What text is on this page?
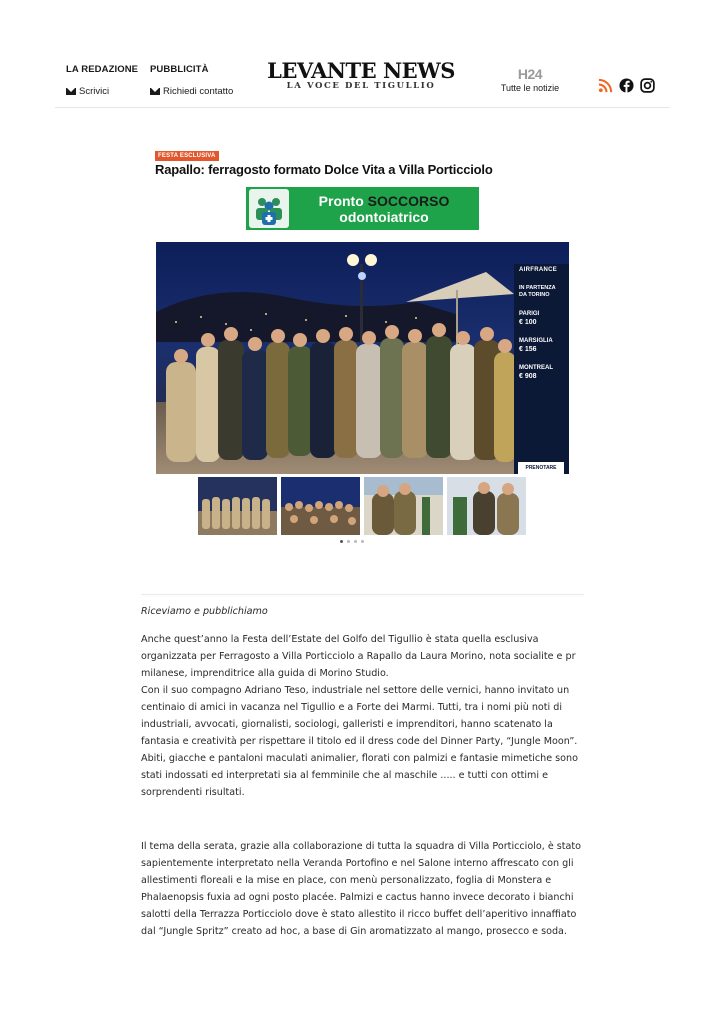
LA REDAZIONE
Scrivici
PUBBLICITÀ
Richiedi contatto
LEVANTE NEWS
LA VOCE DEL TIGULLIO
H24
Tutte le notizie
FESTA ESCLUSIVA
Rapallo: ferragosto formato Dolce Vita a Villa Porticciolo
Pronto SOCCORSO
odontoiatrico
AIRFRANCE
IN PARTENZA DA TORINO
PARIGI
€ 100
MARSIGLIA
€ 156
MONTREAL
€ 908
PRENOTARE
Riceviamo e pubblichiamo
Anche quest’anno la Festa dell’Estate del Golfo del Tigullio è stata quella esclusiva organizzata per Ferragosto a Villa Porticciolo a Rapallo da Laura Morino, nota socialite e pr milanese, imprenditrice alla guida di Morino Studio.
Con il suo compagno Adriano Teso, industriale nel settore delle vernici, hanno invitato un centinaio di amici in vacanza nel Tigullio e a Forte dei Marmi. Tutti, tra i nomi più noti di industriali, avvocati, giornalisti, sociologi, galleristi e imprenditori, hanno scatenato la fantasia e creatività per rispettare il titolo ed il dress code del Dinner Party, “Jungle Moon”. Abiti, giacche e pantaloni maculati animalier, florati con palmizi e fantasie mimetiche sono stati indossati ed interpretati sia al femminile che al maschile ..... e tutti con ottimi e sorprendenti risultati.
Il tema della serata, grazie alla collaborazione di tutta la squadra di Villa Porticciolo, è stato sapientemente interpretato nella Veranda Portofino e nel Salone interno affrescato con gli allestimenti floreali e la mise en place, con menù personalizzato, foglia di Monstera e Phalaenopsis fuxia ad ogni posto placée. Palmizi e cactus hanno invece decorato i bianchi salotti della Terrazza Porticciolo dove è stato allestito il ricco buffet dell’aperitivo innaffiato dal “Jungle Spritz” creato ad hoc, a base di Gin aromatizzato al mango, prosecco e soda.
